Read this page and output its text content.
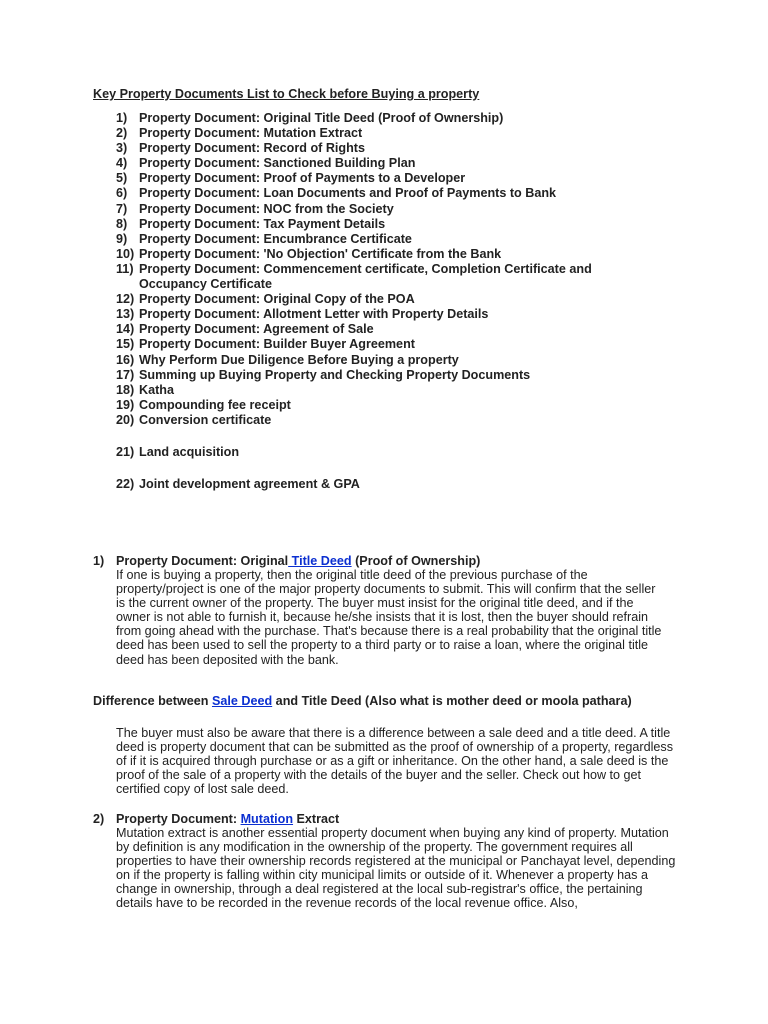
Key Property Documents List to Check before Buying a property
1) Property Document: Original Title Deed (Proof of Ownership)
2) Property Document: Mutation Extract
3) Property Document: Record of Rights
4) Property Document: Sanctioned Building Plan
5) Property Document: Proof of Payments to a Developer
6) Property Document: Loan Documents and Proof of Payments to Bank
7) Property Document: NOC from the Society
8) Property Document: Tax Payment Details
9) Property Document: Encumbrance Certificate
10) Property Document: 'No Objection' Certificate from the Bank
11) Property Document: Commencement certificate, Completion Certificate and Occupancy Certificate
12) Property Document: Original Copy of the POA
13) Property Document: Allotment Letter with Property Details
14) Property Document: Agreement of Sale
15) Property Document: Builder Buyer Agreement
16) Why Perform Due Diligence Before Buying a property
17) Summing up Buying Property and Checking Property Documents
18) Katha
19) Compounding fee receipt
20) Conversion certificate
21) Land acquisition
22) Joint development agreement & GPA
1) Property Document: Original Title Deed (Proof of Ownership)

If one is buying a property, then the original title deed of the previous purchase of the property/project is one of the major property documents to submit. This will confirm that the seller is the current owner of the property. The buyer must insist for the original title deed, and if the owner is not able to furnish it, because he/she insists that it is lost, then the buyer should refrain from going ahead with the purchase. That's because there is a real probability that the original title deed has been used to sell the property to a third party or to raise a loan, where the original title deed has been deposited with the bank.

Difference between Sale Deed and Title Deed (Also what is mother deed or moola pathara)

The buyer must also be aware that there is a difference between a sale deed and a title deed. A title deed is property document that can be submitted as the proof of ownership of a property, regardless of if it is acquired through purchase or as a gift or inheritance. On the other hand, a sale deed is the proof of the sale of a property with the details of the buyer and the seller. Check out how to get certified copy of lost sale deed.

2) Property Document: Mutation Extract

Mutation extract is another essential property document when buying any kind of property. Mutation by definition is any modification in the ownership of the property. The government requires all properties to have their ownership records registered at the municipal or Panchayat level, depending on if the property is falling within city municipal limits or outside of it. Whenever a property has a change in ownership, through a deal registered at the local sub-registrar's office, the pertaining details have to be recorded in the revenue records of the local revenue office. Also,
